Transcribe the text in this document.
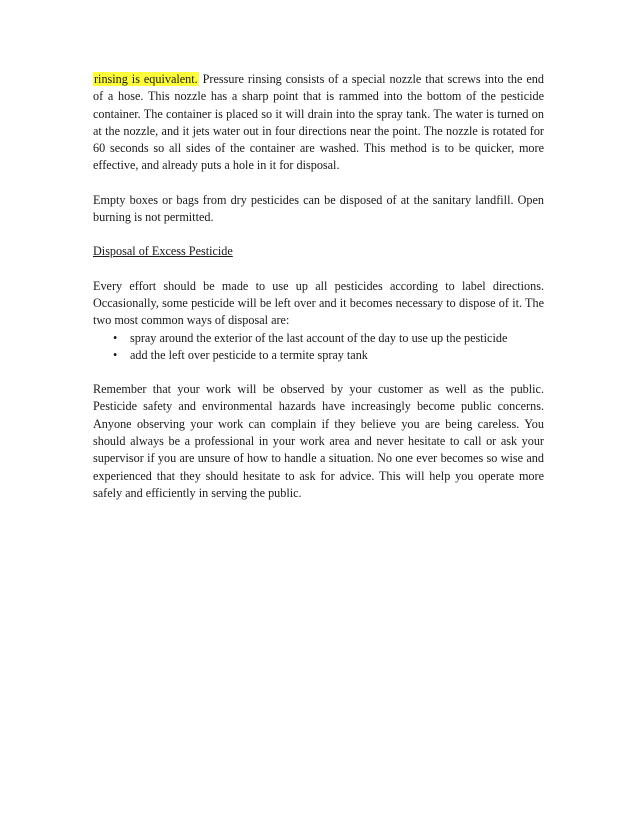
rinsing is equivalent. Pressure rinsing consists of a special nozzle that screws into the end of a hose. This nozzle has a sharp point that is rammed into the bottom of the pesticide container. The container is placed so it will drain into the spray tank. The water is turned on at the nozzle, and it jets water out in four directions near the point. The nozzle is rotated for 60 seconds so all sides of the container are washed. This method is to be quicker, more effective, and already puts a hole in it for disposal.

Empty boxes or bags from dry pesticides can be disposed of at the sanitary landfill. Open burning is not permitted.

Disposal of Excess Pesticide

Every effort should be made to use up all pesticides according to label directions. Occasionally, some pesticide will be left over and it becomes necessary to dispose of it. The two most common ways of disposal are:

• spray around the exterior of the last account of the day to use up the pesticide
• add the left over pesticide to a termite spray tank

Remember that your work will be observed by your customer as well as the public. Pesticide safety and environmental hazards have increasingly become public concerns. Anyone observing your work can complain if they believe you are being careless. You should always be a professional in your work area and never hesitate to call or ask your supervisor if you are unsure of how to handle a situation. No one ever becomes so wise and experienced that they should hesitate to ask for advice. This will help you operate more safely and efficiently in serving the public.
